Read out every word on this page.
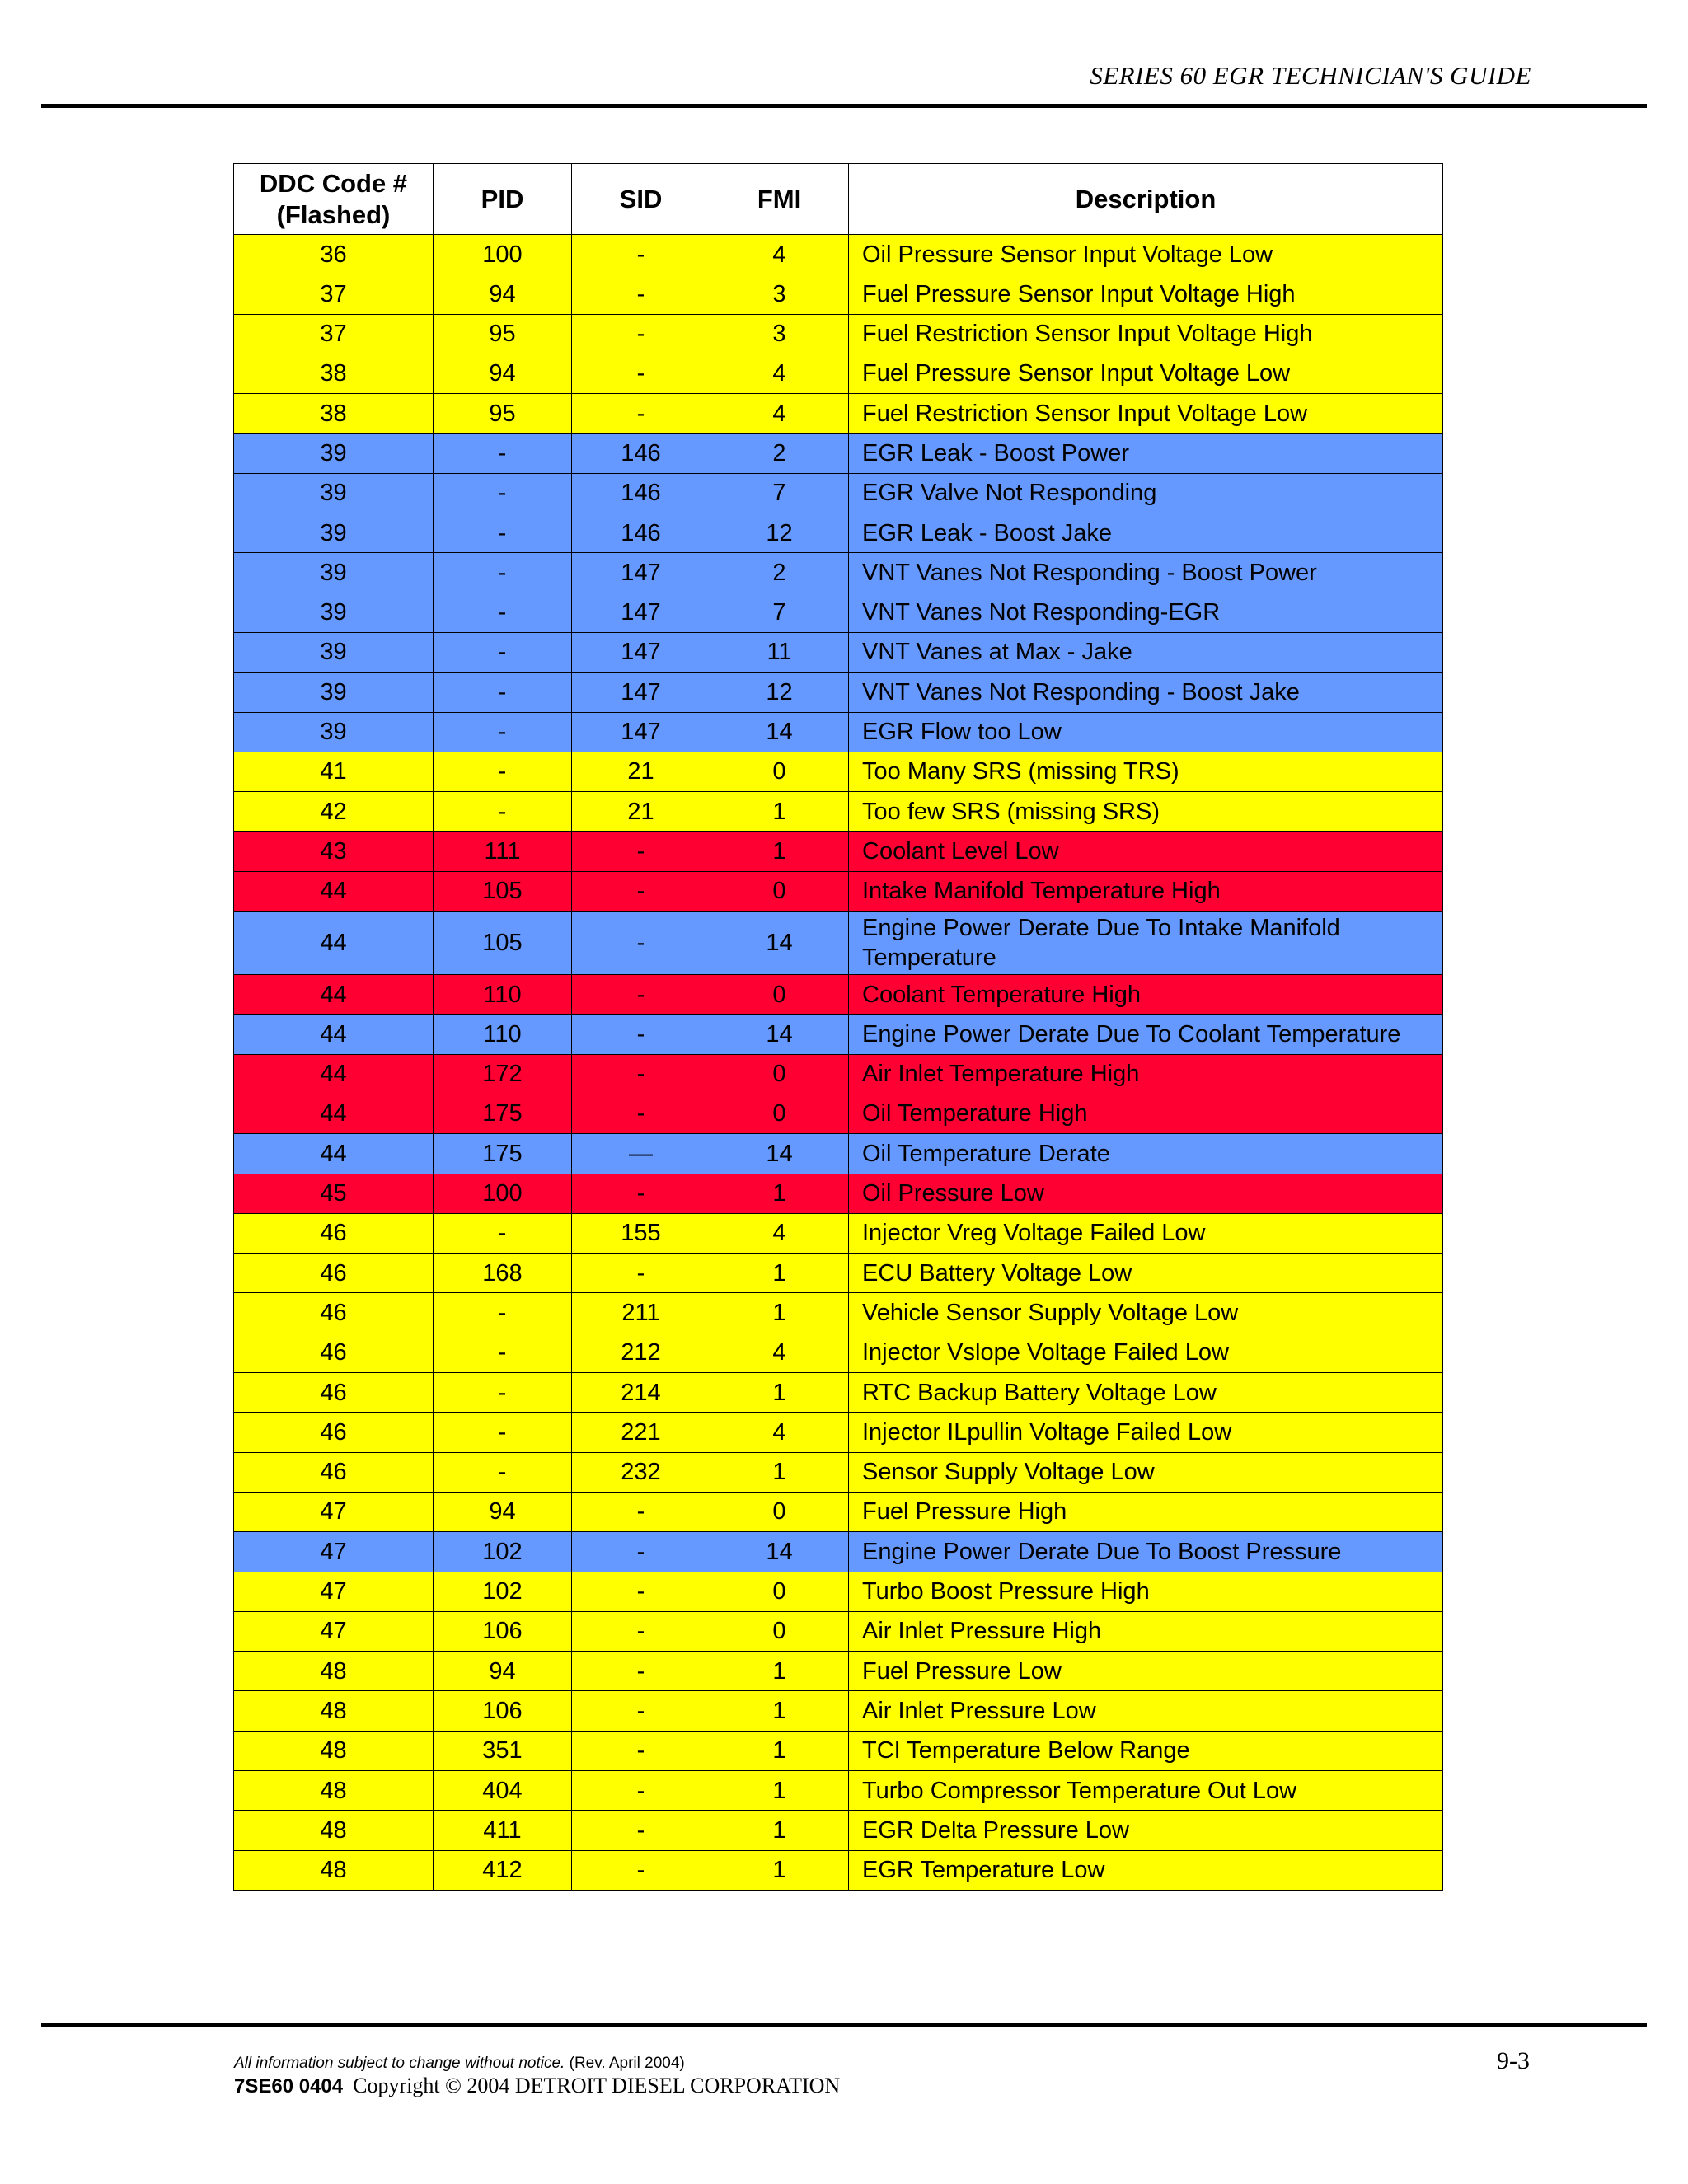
SERIES 60 EGR TECHNICIAN'S GUIDE
DDC Code # (Flashed)	PID	SID	FMI	Description
36	100	-	4	Oil Pressure Sensor Input Voltage Low
37	94	-	3	Fuel Pressure Sensor Input Voltage High
37	95	-	3	Fuel Restriction Sensor Input Voltage High
38	94	-	4	Fuel Pressure Sensor Input Voltage Low
38	95	-	4	Fuel Restriction Sensor Input Voltage Low
39	-	146	2	EGR Leak - Boost Power
39	-	146	7	EGR Valve Not Responding
39	-	146	12	EGR Leak - Boost Jake
39	-	147	2	VNT Vanes Not Responding - Boost Power
39	-	147	7	VNT Vanes Not Responding-EGR
39	-	147	11	VNT Vanes at Max - Jake
39	-	147	12	VNT Vanes Not Responding - Boost Jake
39	-	147	14	EGR Flow too Low
41	-	21	0	Too Many SRS (missing TRS)
42	-	21	1	Too few SRS (missing SRS)
43	111	-	1	Coolant Level Low
44	105	-	0	Intake Manifold Temperature High
44	105	-	14	Engine Power Derate Due To Intake Manifold Temperature
44	110	-	0	Coolant Temperature High
44	110	-	14	Engine Power Derate Due To Coolant Temperature
44	172	-	0	Air Inlet Temperature High
44	175	-	0	Oil Temperature High
44	175	—	14	Oil Temperature Derate
45	100	-	1	Oil Pressure Low
46	-	155	4	Injector Vreg Voltage Failed Low
46	168	-	1	ECU Battery Voltage Low
46	-	211	1	Vehicle Sensor Supply Voltage Low
46	-	212	4	Injector Vslope Voltage Failed Low
46	-	214	1	RTC Backup Battery Voltage Low
46	-	221	4	Injector ILpullin Voltage Failed Low
46	-	232	1	Sensor Supply Voltage Low
47	94	-	0	Fuel Pressure High
47	102	-	14	Engine Power Derate Due To Boost Pressure
47	102	-	0	Turbo Boost Pressure High
47	106	-	0	Air Inlet Pressure High
48	94	-	1	Fuel Pressure Low
48	106	-	1	Air Inlet Pressure Low
48	351	-	1	TCI Temperature Below Range
48	404	-	1	Turbo Compressor Temperature Out Low
48	411	-	1	EGR Delta Pressure Low
48	412	-	1	EGR Temperature Low
All information subject to change without notice. (Rev. April 2004)
7SE60 0404 Copyright © 2004 DETROIT DIESEL CORPORATION
9-3
